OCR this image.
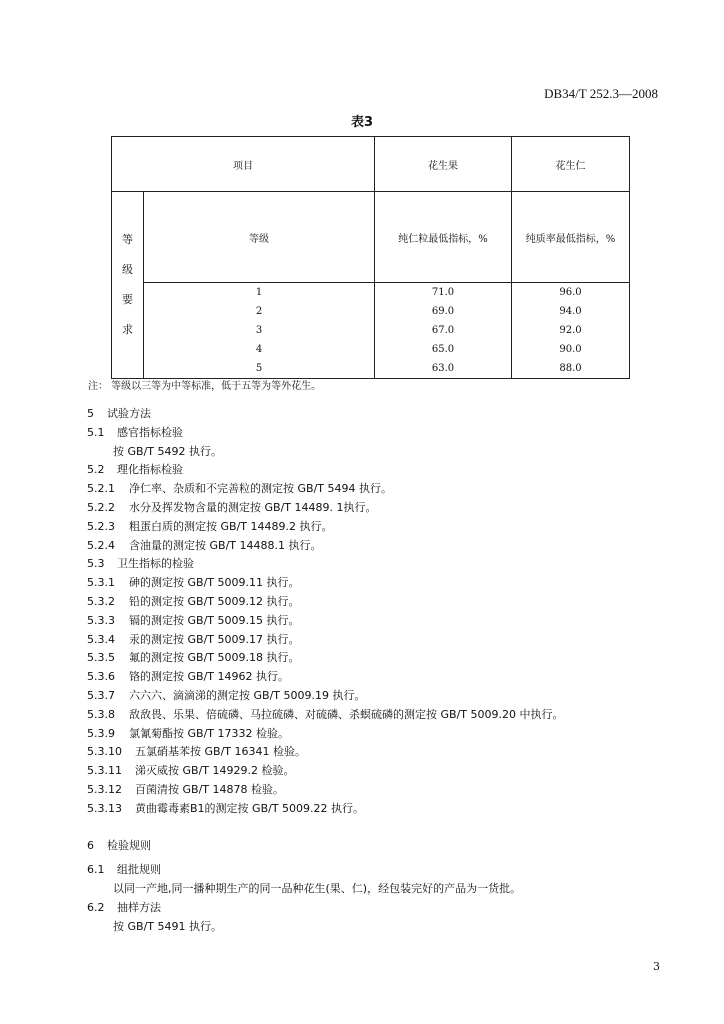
DB34/T 252.3—2008
表3
项目		花生果	花生仁

等
级
要
求	等级	纯仁粒最低指标，%	纯质率最低指标，%
	1	71.0	96.0
	2	69.0	94.0
	3	67.0	92.0
	4	65.0	90.0
	5	63.0	88.0
注： 等级以三等为中等标准，低于五等为等外花生。
5 试验方法
5.1 感官指标检验
按 GB/T 5492 执行。
5.2 理化指标检验
5.2.1 净仁率、杂质和不完善粒的测定按 GB/T 5494 执行。
5.2.2 水分及挥发物含量的测定按 GB/T 14489. 1执行。
5.2.3 粗蛋白质的测定按 GB/T 14489.2 执行。
5.2.4 含油量的测定按 GB/T 14488.1 执行。
5.3 卫生指标的检验
5.3.1 砷的测定按 GB/T 5009.11 执行。
5.3.2 铅的测定按 GB/T 5009.12 执行。
5.3.3 镉的测定按 GB/T 5009.15 执行。
5.3.4 汞的测定按 GB/T 5009.17 执行。
5.3.5 氟的测定按 GB/T 5009.18 执行。
5.3.6 铬的测定按 GB/T 14962 执行。
5.3.7 六六六、滴滴涕的测定按 GB/T 5009.19 执行。
5.3.8 敌敌畏、乐果、倍硫磷、马拉硫磷、对硫磷、杀螟硫磷的测定按 GB/T 5009.20 中执行。
5.3.9 氯氰菊酯按 GB/T 17332 检验。
5.3.10 五氯硝基苯按 GB/T 16341 检验。
5.3.11 涕灭威按 GB/T 14929.2 检验。
5.3.12 百菌清按 GB/T 14878 检验。
5.3.13 黄曲霉毒素B1的测定按 GB/T 5009.22 执行。
6 检验规则
6.1 组批规则
以同一产地,同一播种期生产的同一品种花生(果、仁)，经包装完好的产品为一货批。
6.2 抽样方法
按 GB/T 5491 执行。
3
